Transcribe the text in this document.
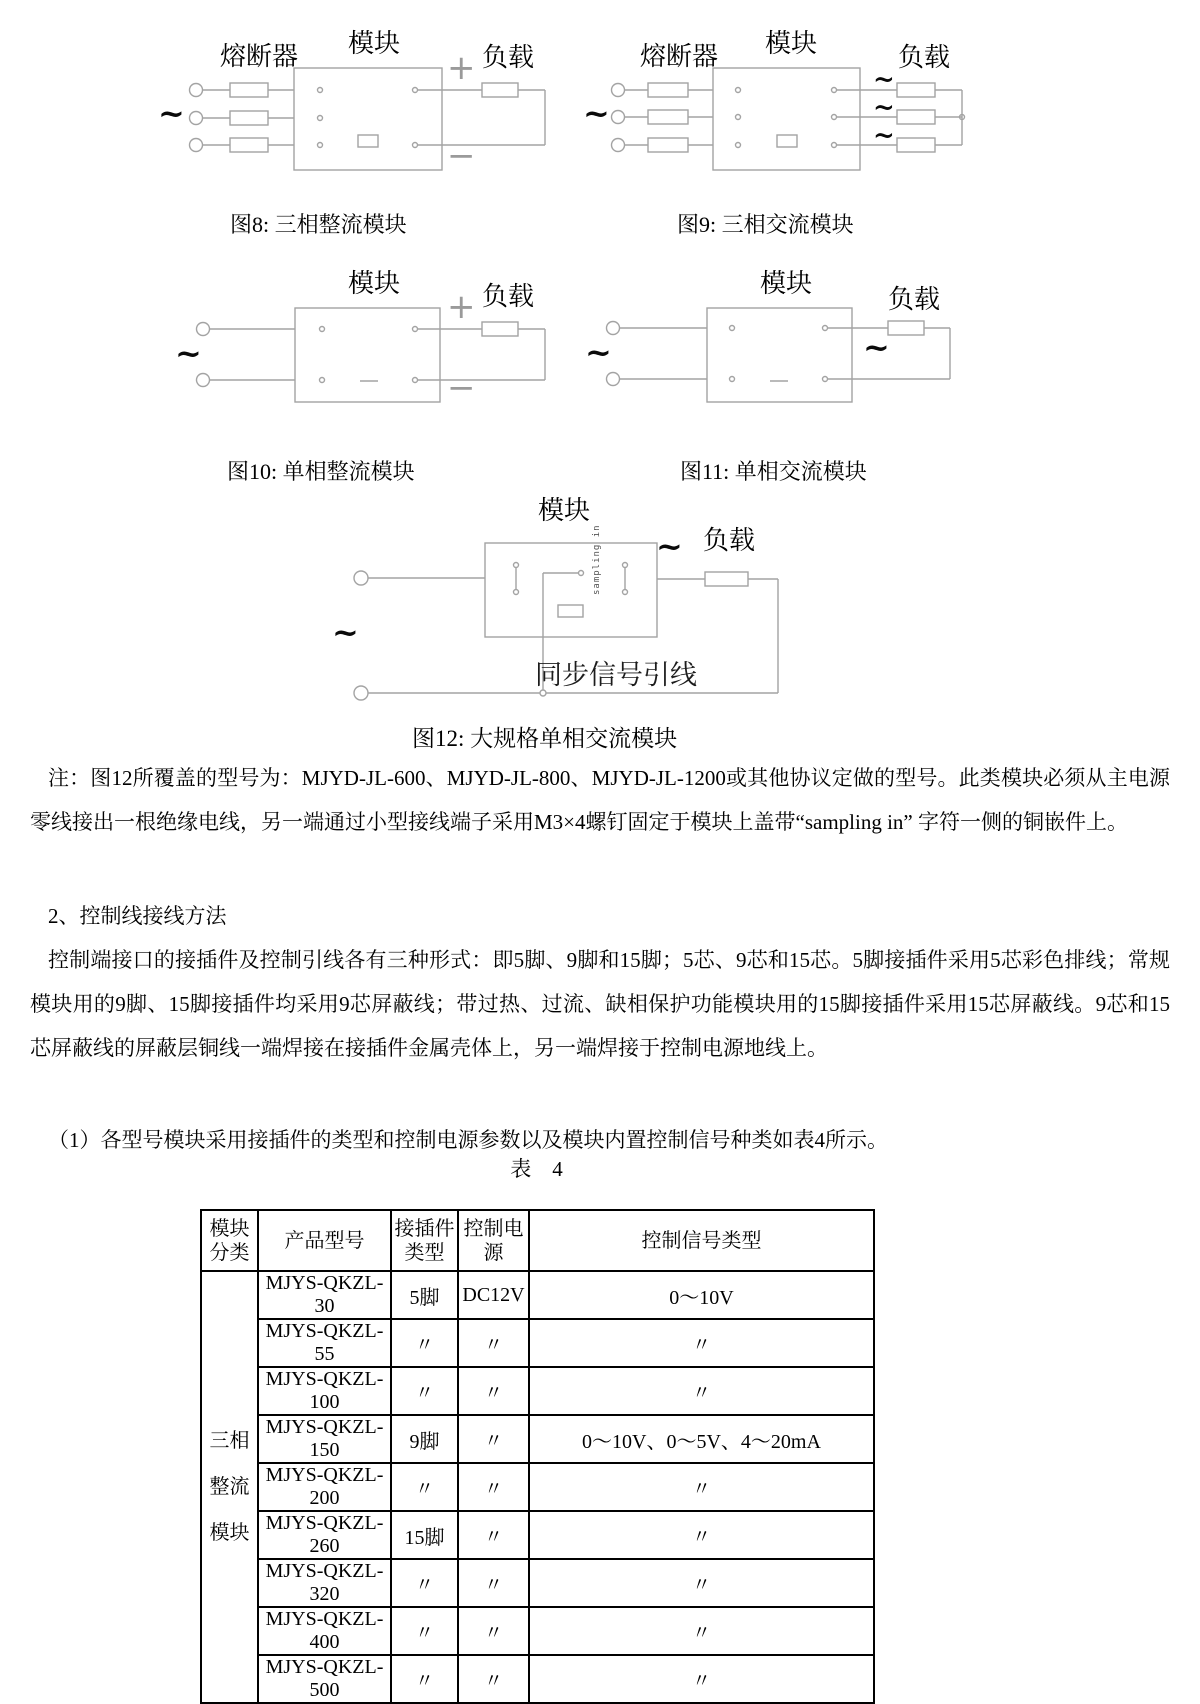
熔断器 模块	负载
~
+
−
熔断器 模块	负载
~
~
~
~
图8: 三相整流模块	图9: 三相交流模块
模块	负载
~
+
−
模块
负载
~	~
图10: 单相整流模块	图11: 单相交流模块
模块
sampling in ~ 负载
~
同步信号引线
图12: 大规格单相交流模块
注：图12所覆盖的型号为：MJYD-JL-600、MJYD-JL-800、MJYD-JL-1200或其他协议定做的型号。此类模块必须从主电源零线接出一根绝缘电线，另一端通过小型接线端子采用M3×4螺钉固定于模块上盖带“sampling in” 字符一侧的铜嵌件上。
2、控制线接线方法
控制端接口的接插件及控制引线各有三种形式：即5脚、9脚和15脚；5芯、9芯和15芯。5脚接插件采用5芯彩色排线；常规模块用的9脚、15脚接插件均采用9芯屏蔽线；带过热、过流、缺相保护功能模块用的15脚接插件采用15芯屏蔽线。9芯和15芯屏蔽线的屏蔽层铜线一端焊接在接插件金属壳体上，另一端焊接于控制电源地线上。
（1）各型号模块采用接插件的类型和控制电源参数以及模块内置控制信号种类如表4所示。
表　4
模块分类	产品型号	接插件类型	控制电源	控制信号类型

三相
整流
模块	MJYS-QKZL-30	5脚	DC12V	0～10V
	MJYS-QKZL-55	〃	〃	〃
	MJYS-QKZL-100	〃	〃	〃
	MJYS-QKZL-150	9脚	〃	0～10V、0～5V、4～20mA
	MJYS-QKZL-200	〃	〃	〃
	MJYS-QKZL-260	15脚	〃	〃
	MJYS-QKZL-320	〃	〃	〃
	MJYS-QKZL-400	〃	〃	〃
	MJYS-QKZL-500	〃	〃	〃
